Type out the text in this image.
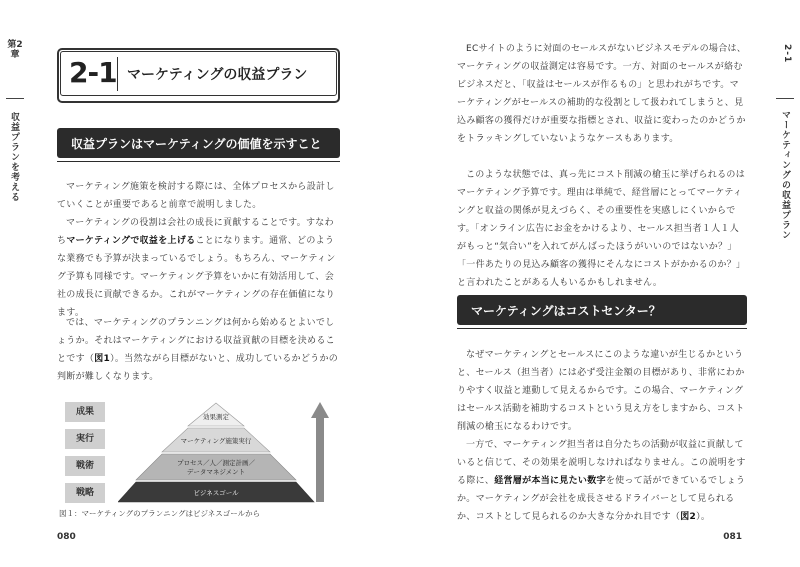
第2章
収益プランを考える
2-1 マーケティングの収益プラン
収益プランはマーケティングの価値を示すこと
マーケティング施策を検討する際には、全体プロセスから設計していくことが重要であると前章で説明しました。
マーケティングの役割は会社の成長に貢献することです。すなわちマーケティングで収益を上げることになります。通常、どのような業務でも予算が決まっているでしょう。もちろん、マーケティング予算も同様です。マーケティング予算をいかに有効活用して、会社の成長に貢献できるか。これがマーケティングの存在価値になります。
では、マーケティングのプランニングは何から始めるとよいでしょうか。それはマーケティングにおける収益貢献の目標を決めることです（図1）。当然ながら目標がないと、成功しているかどうかの判断が難しくなります。
成果
実行
戦術
戦略
効果測定
マーケティング施策実行
プロセス／人／測定計画／
データマネジメント
ビジネスゴール
図１：マーケティングのプランニングはビジネスゴールから
080
ECサイトのように対面のセールスがないビジネスモデルの場合は、マーケティングの収益測定は容易です。一方、対面のセールスが絡むビジネスだと、「収益はセールスが作るもの」と思われがちです。マーケティングがセールスの補助的な役割として扱われてしまうと、見込み顧客の獲得だけが重要な指標とされ、収益に変わったのかどうかをトラッキングしていないようなケースもあります。
このような状態では、真っ先にコスト削減の槍玉に挙げられるのはマーケティング予算です。理由は単純で、経営層にとってマーケティングと収益の関係が見えづらく、その重要性を実感しにくいからです。「オンライン広告にお金をかけるより、セールス担当者１人１人がもっと“気合い”を入れてがんばったほうがいいのではないか？」「一件あたりの見込み顧客の獲得にそんなにコストがかかるのか？」と言われたことがある人もいるかもしれません。
マーケティングはコストセンター？
なぜマーケティングとセールスにこのような違いが生じるかというと、セールス（担当者）には必ず受注金額の目標があり、非常にわかりやすく収益と連動して見えるからです。この場合、マーケティングはセールス活動を補助するコストという見え方をしますから、コスト削減の槍玉になるわけです。
一方で、マーケティング担当者は自分たちの活動が収益に貢献していると信じて、その効果を説明しなければなりません。この説明をする際に、経営層が本当に見たい数字を使って話ができているでしょうか。マーケティングが会社を成長させるドライバーとして見られるか、コストとして見られるのか大きな分かれ目です（図2）。
2-1
マーケティングの収益プラン
081
